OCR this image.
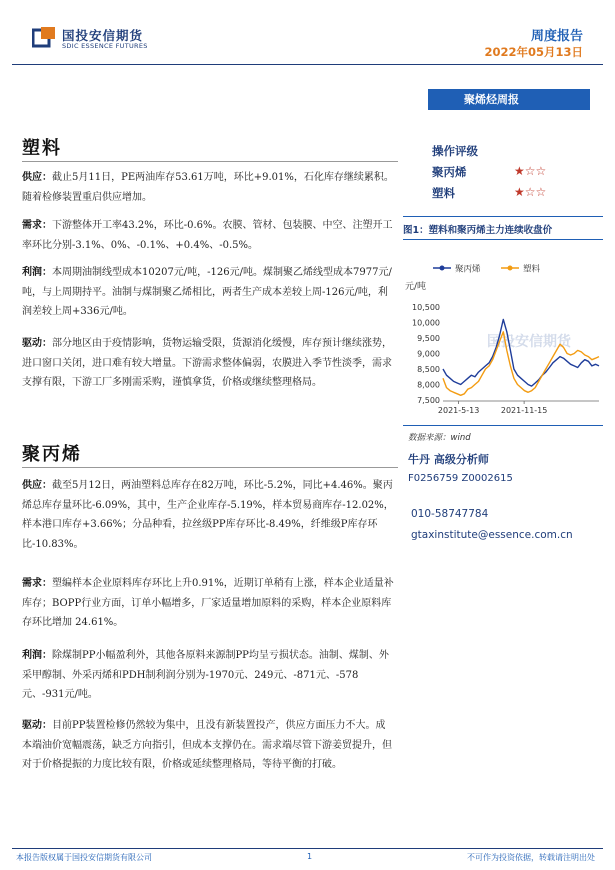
国投安信期货
SDIC ESSENCE FUTURES
周度报告
2022年05月13日
聚烯烃周报
塑料
供应：截止5月11日，PE两油库存53.61万吨，环比+9.01%，石化库存继续累积。随着检修装置重启供应增加。
需求：下游整体开工率43.2%，环比-0.6%。农膜、管材、包装膜、中空、注塑开工率环比分别-3.1%、0%、-0.1%、+0.4%、-0.5%。
利润：本周期油制线型成本10207元/吨，-126元/吨。煤制聚乙烯线型成本7977元/吨，与上周期持平。油制与煤制聚乙烯相比，两者生产成本差较上周-126元/吨，利润差较上周+336元/吨。
驱动：部分地区由于疫情影响，货物运输受限，货源消化缓慢，库存预计继续涨势，进口窗口关闭，进口难有较大增量。下游需求整体偏弱，农膜进入季节性淡季，需求支撑有限，下游工厂多刚需采购，谨慎拿货，价格或继续整理格局。
聚丙烯
供应：截至5月12日，两油塑料总库存在82万吨，环比-5.2%，同比+4.46%。聚丙烯总库存量环比-6.09%，其中，生产企业库存-5.19%，样本贸易商库存-12.02%，样本港口库存+3.66%；分品种看，拉丝级PP库存环比-8.49%，纤维级P库存环比-10.83%。
需求：塑编样本企业原料库存环比上升0.91%，近期订单稍有上涨，样本企业适量补库存；BOPP行业方面，订单小幅增多，厂家适量增加原料的采购，样本企业原料库存环比增加 24.61%。
利润：除煤制PP小幅盈利外，其他各原料来源制PP均呈亏损状态。油制、煤制、外采甲醇制、外采丙烯和PDH制利润分别为-1970元、249元、-871元、-578元、-931元/吨。
驱动：目前PP装置检修仍然较为集中，且没有新装置投产，供应方面压力不大。成本端油价宽幅震荡，缺乏方向指引，但成本支撑仍在。需求端尽管下游姜贸提升，但对于价格提振的力度比较有限，价格或延续整理格局，等待平衡的打破。
操作评级
聚丙烯	★☆☆
塑料	★☆☆
图1：塑料和聚丙烯主力连续收盘价
聚丙烯	塑料
元/吨
10,500
10,000
9,500
9,000
8,500
8,000
7,500
国投安信期货
2021-5-13	2021-11-15
数据来源：wind
牛丹 高级分析师
F0256759 Z0002615
010-58747784
gtaxinstitute@essence.com.cn
本报告版权属于国投安信期货有限公司	1	不可作为投资依据，转载请注明出处
